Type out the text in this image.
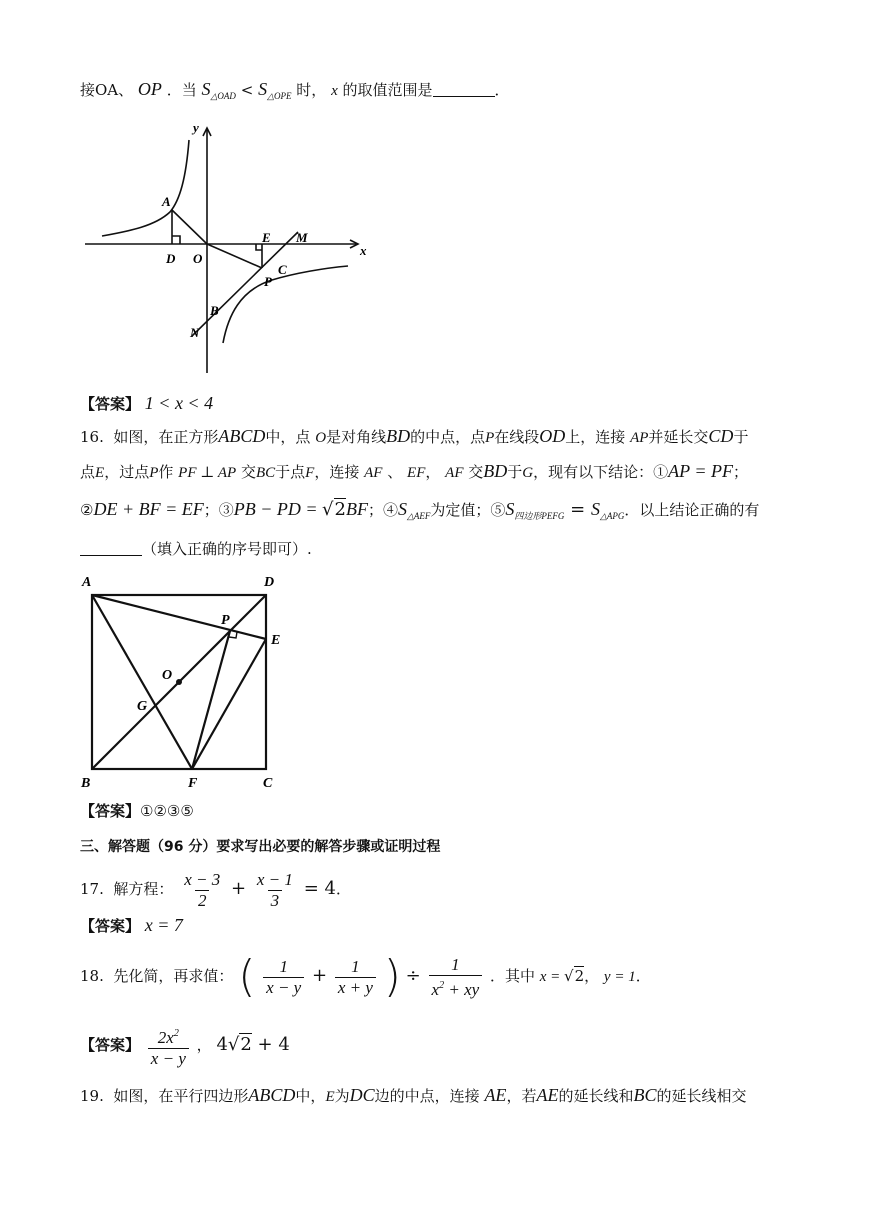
接OA、 OP ．当 $S_{\triangle OAD} < S_{\triangle OPE}$ 时， x 的取值范围是	．
y
x
A
D O
E M
C
P
B
N
【答案】 1 < x < 4
16. 如图，在正方形ABCD中，点 O是对角线BD的中点，点P在线段OD上，连接 AP并延长交CD于
点E，过点P作 PF ⊥ AP 交BC于点F，连接 AF 、 EF， AF 交BD于G，现有以下结论：①AP = PF；
②DE + BF = EF；③PB − PD = √2BF；$④S_{\triangle AEF}$为定值；$⑤S_{四边形PEFG} = S_{\triangle APG}$．以上结论正确的有
（填入正确的序号即可）.
A	D
P
E
O
G
B	F	C
【答案】①②③⑤
三、解答题（96 分）要求写出必要的解答步骤或证明过程
17. 解方程： $\frac{x - 3}{2} + \frac{x - 1}{3} = 4$．
【答案】 x = 7
18. 先化简，再求值： ( $\frac{1}{x - y} + \frac{1}{x + y}$ ) ÷ $\frac{1}{x^2 + xy}$ ．其中 x = √2， y = 1．
【答案】 $\frac{2x^2}{x - y}$ ， 4√2 + 4
19. 如图，在平行四边形ABCD中，E为DC边的中点，连接 AE，若AE的延长线和BC的延长线相交
